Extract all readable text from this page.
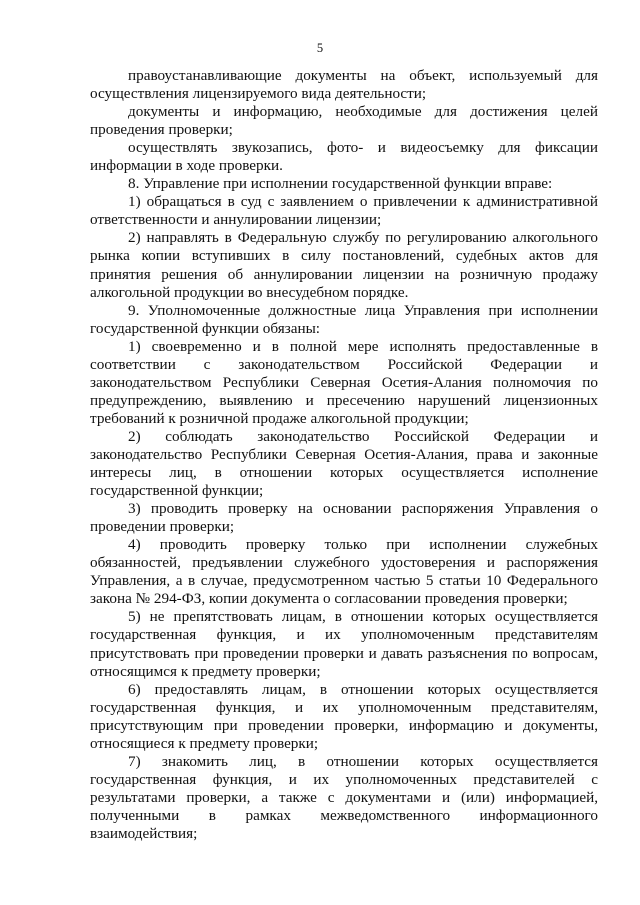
5

правоустанавливающие документы на объект, используемый для осуществления лицензируемого вида деятельности;

документы и информацию, необходимые для достижения целей проведения проверки;

осуществлять звукозапись, фото- и видеосъемку для фиксации информации в ходе проверки.

8. Управление при исполнении государственной функции вправе:

1) обращаться в суд с заявлением о привлечении к административной ответственности и аннулировании лицензии;

2) направлять в Федеральную службу по регулированию алкогольного рынка копии вступивших в силу постановлений, судебных актов для принятия решения об аннулировании лицензии на розничную продажу алкогольной продукции во внесудебном порядке.

9. Уполномоченные должностные лица Управления при исполнении государственной функции обязаны:

1) своевременно и в полной мере исполнять предоставленные в соответствии с законодательством Российской Федерации и законодательством Республики Северная Осетия-Алания полномочия по предупреждению, выявлению и пресечению нарушений лицензионных требований к розничной продаже алкогольной продукции;

2) соблюдать законодательство Российской Федерации и законодательство Республики Северная Осетия-Алания, права и законные интересы лиц, в отношении которых осуществляется исполнение государственной функции;

3) проводить проверку на основании распоряжения Управления о проведении проверки;

4) проводить проверку только при исполнении служебных обязанностей, предъявлении служебного удостоверения и распоряжения Управления, а в случае, предусмотренном частью 5 статьи 10 Федерального закона № 294-ФЗ, копии документа о согласовании проведения проверки;

5) не препятствовать лицам, в отношении которых осуществляется государственная функция, и их уполномоченным представителям присутствовать при проведении проверки и давать разъяснения по вопросам, относящимся к предмету проверки;

6) предоставлять лицам, в отношении которых осуществляется государственная функция, и их уполномоченным представителям, присутствующим при проведении проверки, информацию и документы, относящиеся к предмету проверки;

7) знакомить лиц, в отношении которых осуществляется государственная функция, и их уполномоченных представителей с результатами проверки, а также с документами и (или) информацией, полученными в рамках межведомственного информационного взаимодействия;
